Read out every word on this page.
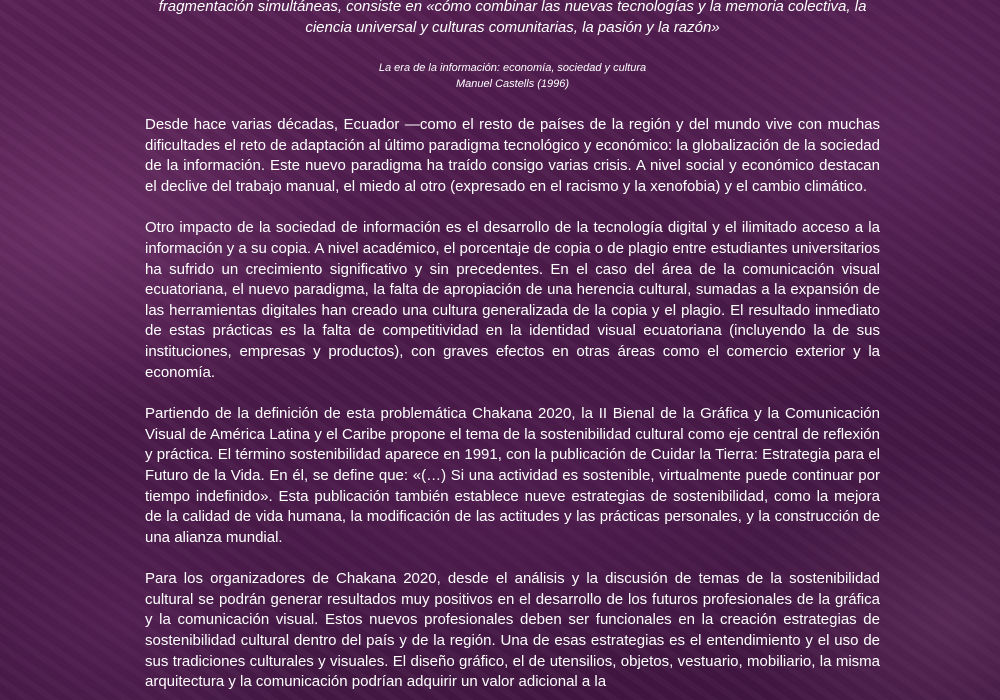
fragmentación simultáneas, consiste en «cómo combinar las nuevas tecnologías y la memoria colectiva, la ciencia universal y culturas comunitarias, la pasión y la razón»
La era de la información: economía, sociedad y cultura
Manuel Castells (1996)

Desde hace varias décadas, Ecuador —como el resto de países de la región y del mundo vive con muchas dificultades el reto de adaptación al último paradigma tecnológico y económico: la globalización de la sociedad de la información. Este nuevo paradigma ha traído consigo varias crisis. A nivel social y económico destacan el declive del trabajo manual, el miedo al otro (expresado en el racismo y la xenofobia) y el cambio climático.

Otro impacto de la sociedad de información es el desarrollo de la tecnología digital y el ilimitado acceso a la información y a su copia. A nivel académico, el porcentaje de copia o de plagio entre estudiantes universitarios ha sufrido un crecimiento significativo y sin precedentes. En el caso del área de la comunicación visual ecuatoriana, el nuevo paradigma, la falta de apropiación de una herencia cultural, sumadas a la expansión de las herramientas digitales han creado una cultura generalizada de la copia y el plagio. El resultado inmediato de estas prácticas es la falta de competitividad en la identidad visual ecuatoriana (incluyendo la de sus instituciones, empresas y productos), con graves efectos en otras áreas como el comercio exterior y la economía.

Partiendo de la definición de esta problemática Chakana 2020, la II Bienal de la Gráfica y la Comunicación Visual de América Latina y el Caribe propone el tema de la sostenibilidad cultural como eje central de reflexión y práctica. El término sostenibilidad aparece en 1991, con la publicación de Cuidar la Tierra: Estrategia para el Futuro de la Vida. En él, se define que: «(…) Si una actividad es sostenible, virtualmente puede continuar por tiempo indefinido». Esta publicación también establece nueve estrategias de sostenibilidad, como la mejora de la calidad de vida humana, la modificación de las actitudes y las prácticas personales, y la construcción de una alianza mundial.

Para los organizadores de Chakana 2020, desde el análisis y la discusión de temas de la sostenibilidad cultural se podrán generar resultados muy positivos en el desarrollo de los futuros profesionales de la gráfica y la comunicación visual. Estos nuevos profesionales deben ser funcionales en la creación estrategias de sostenibilidad cultural dentro del país y de la región. Una de esas estrategias es el entendimiento y el uso de sus tradiciones culturales y visuales. El diseño gráfico, el de utensilios, objetos, vestuario, mobiliario, la misma arquitectura y la comunicación podrían adquirir un valor adicional a la
